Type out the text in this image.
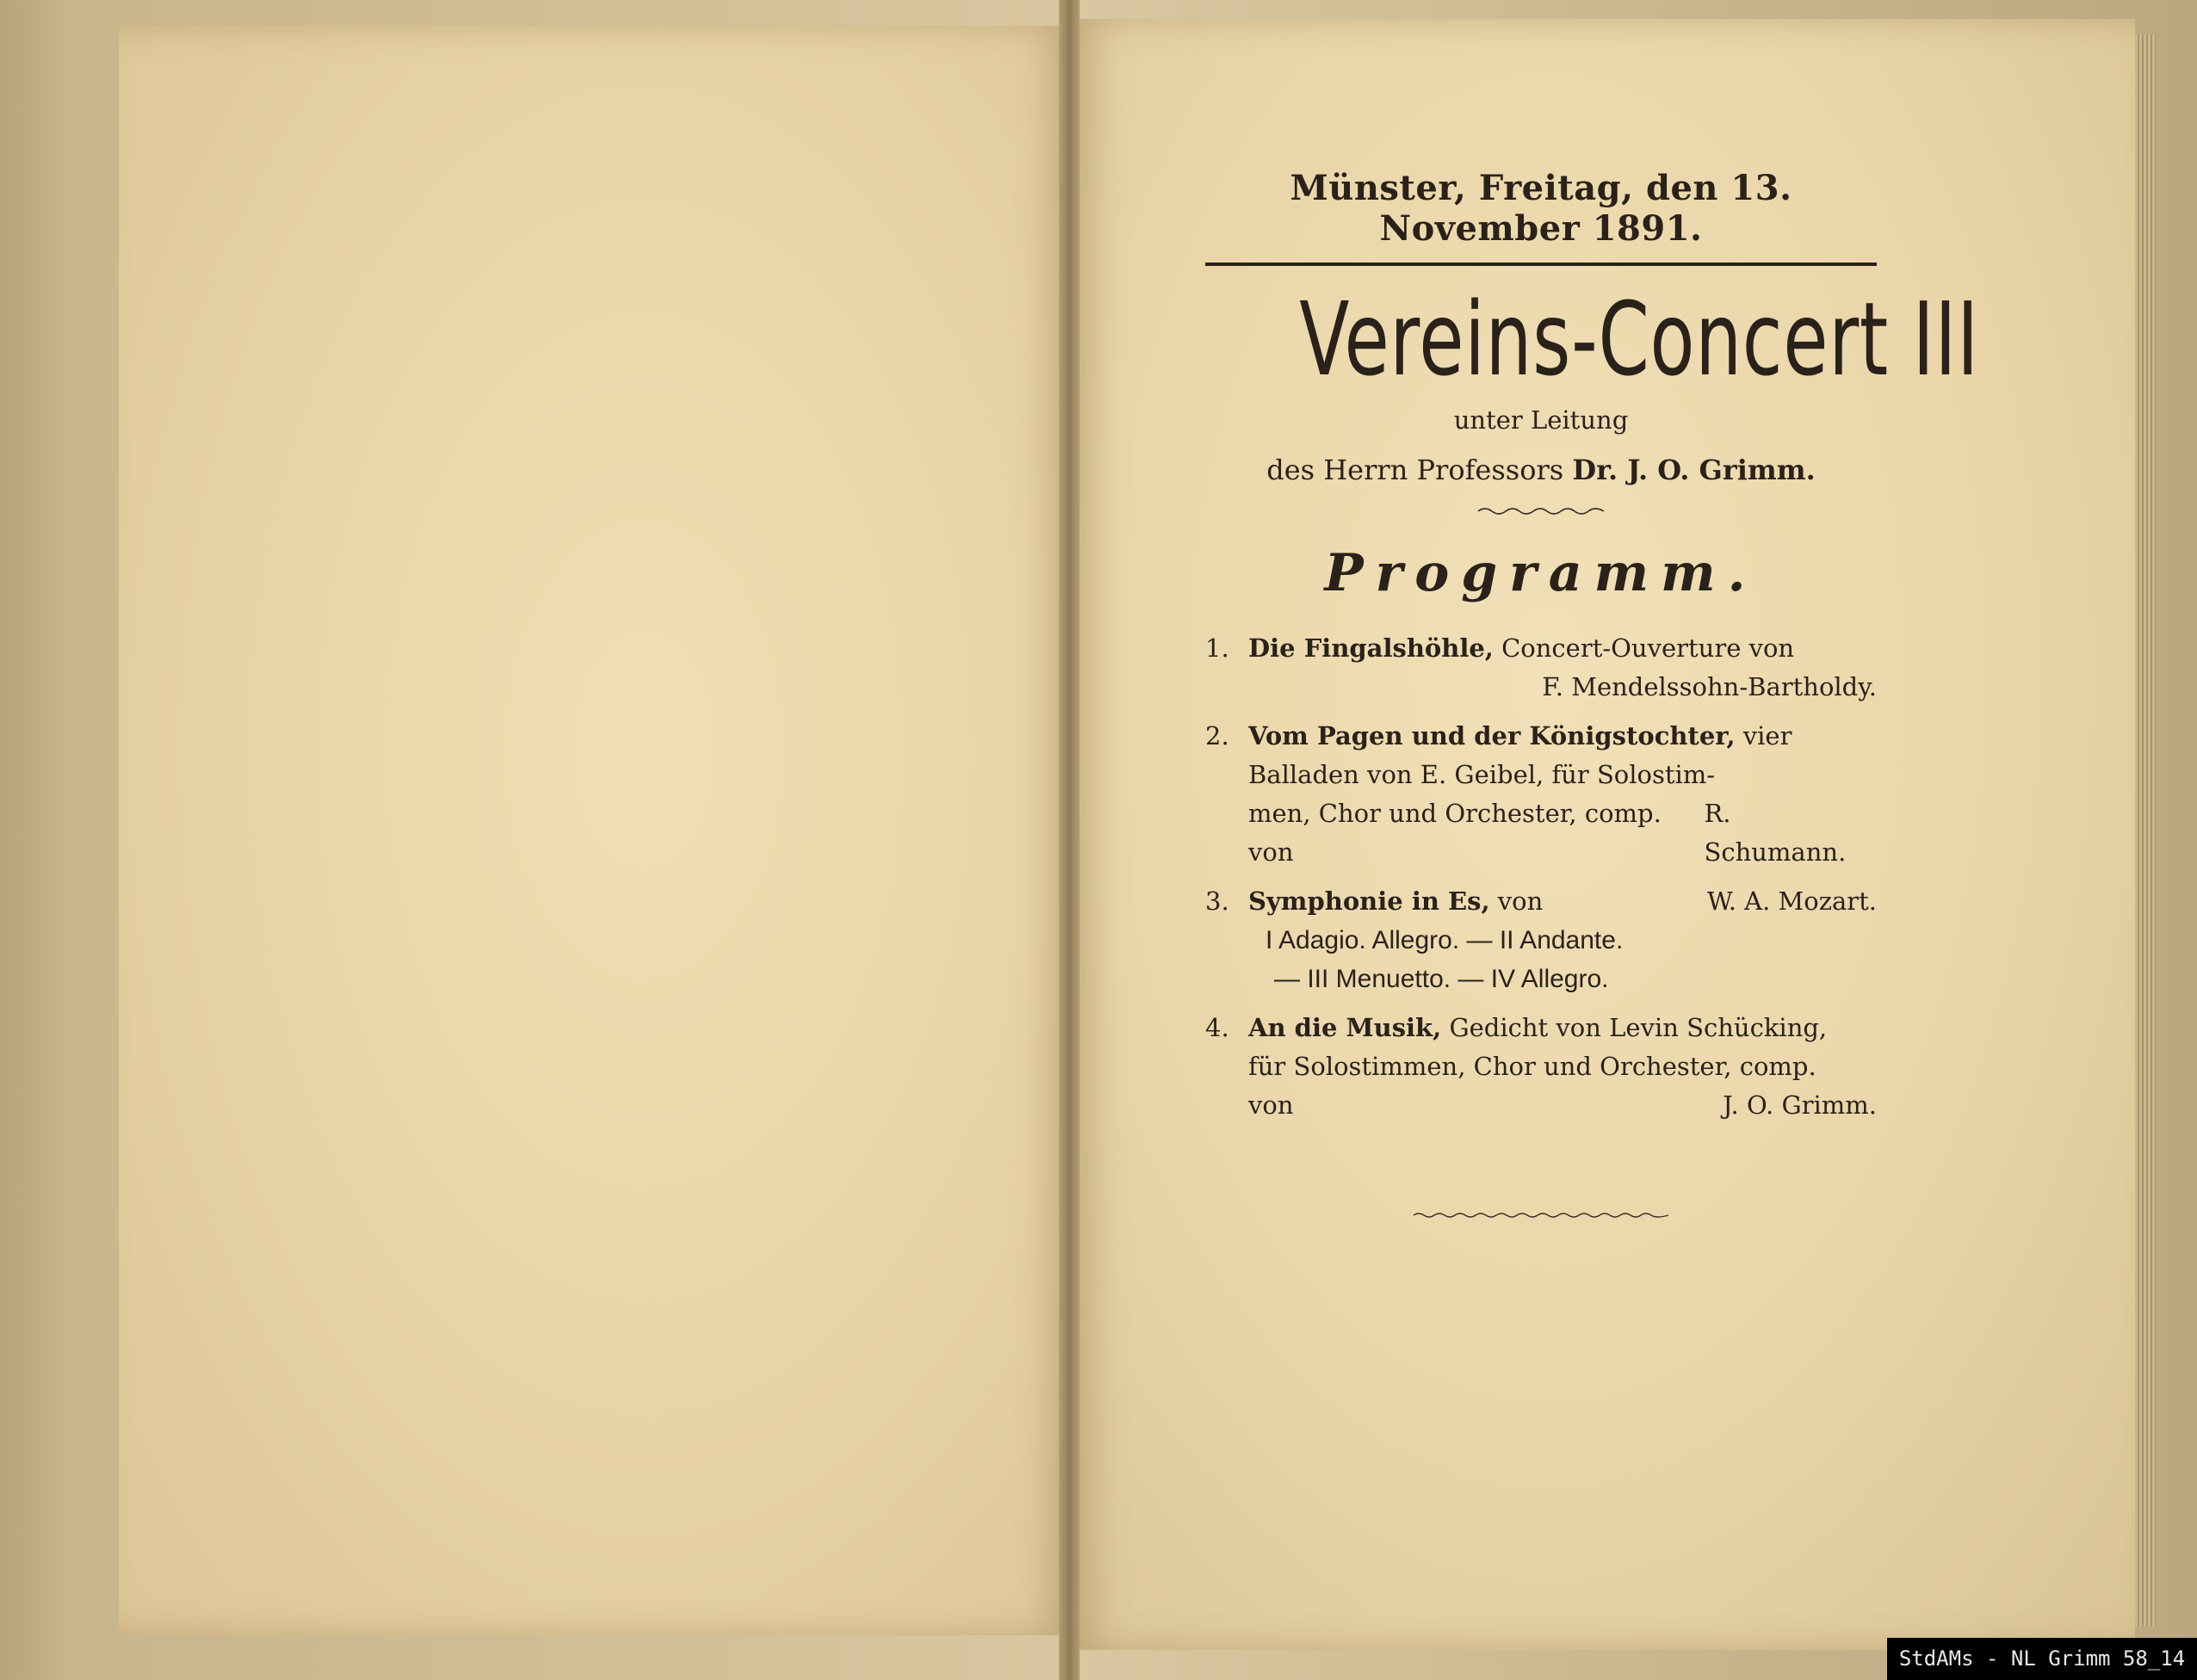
Münster, Freitag, den 13. November 1891.
Vereins-Concert III
unter Leitung
des Herrn Professors Dr. J. O. Grimm.
Programm.
1. Die Fingalshöhle, Concert-Ouverture von
F. Mendelssohn-Bartholdy.
2. Vom Pagen und der Königstochter, vier
Balladen von E. Geibel, für Solostim-
men, Chor und Orchester, comp. von
R. Schumann.
3. Symphonie in Es, von	W. A. Mozart.
I Adagio. Allegro. — II Andante.
— III Menuetto. — IV Allegro.
4. An die Musik, Gedicht von Levin Schücking,
für Solostimmen, Chor und Orchester, comp.
von	J. O. Grimm.
StdAMs - NL Grimm 58_14
